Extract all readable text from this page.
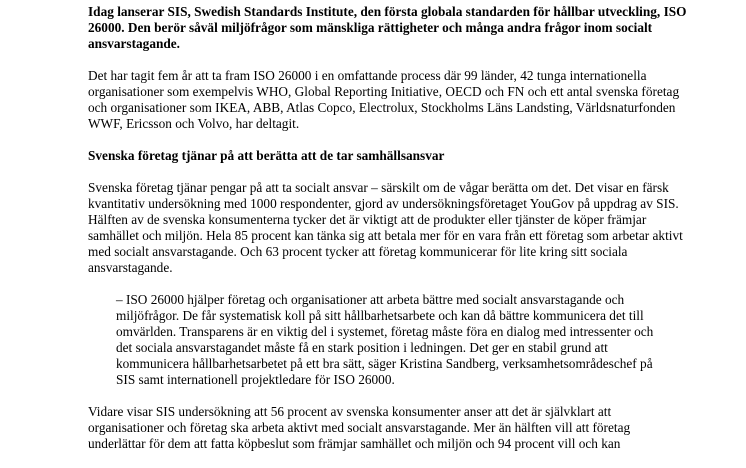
Idag lanserar SIS, Swedish Standards Institute, den första globala standarden för hållbar utveckling, ISO 26000. Den berör såväl miljöfrågor som mänskliga rättigheter och många andra frågor inom socialt ansvarstagande.

Det har tagit fem år att ta fram ISO 26000 i en omfattande process där 99 länder, 42 tunga internationella organisationer som exempelvis WHO, Global Reporting Initiative, OECD och FN och ett antal svenska företag och organisationer som IKEA, ABB, Atlas Copco, Electrolux, Stockholms Läns Landsting, Världsnaturfonden WWF, Ericsson och Volvo, har deltagit.

Svenska företag tjänar på att berätta att de tar samhällsansvar

Svenska företag tjänar pengar på att ta socialt ansvar – särskilt om de vågar berätta om det. Det visar en färsk kvantitativ undersökning med 1000 respondenter, gjord av undersökningsföretaget YouGov på uppdrag av SIS. Hälften av de svenska konsumenterna tycker det är viktigt att de produkter eller tjänster de köper främjar samhället och miljön. Hela 85 procent kan tänka sig att betala mer för en vara från ett företag som arbetar aktivt med socialt ansvarstagande. Och 63 procent tycker att företag kommunicerar för lite kring sitt sociala ansvarstagande.

– ISO 26000 hjälper företag och organisationer att arbeta bättre med socialt ansvarstagande och miljöfrågor. De får systematisk koll på sitt hållbarhetsarbete och kan då bättre kommunicera det till omvärlden. Transparens är en viktig del i systemet, företag måste föra en dialog med intressenter och det sociala ansvarstagandet måste få en stark position i ledningen. Det ger en stabil grund att kommunicera hållbarhetsarbetet på ett bra sätt, säger Kristina Sandberg, verksamhetsområdeschef på SIS samt internationell projektledare för ISO 26000.

Vidare visar SIS undersökning att 56 procent av svenska konsumenter anser att det är självklart att organisationer och företag ska arbeta aktivt med socialt ansvarstagande. Mer än hälften vill att företag underlättar för dem att fatta köpbeslut som främjar samhället och miljön och 94 procent vill och kan
